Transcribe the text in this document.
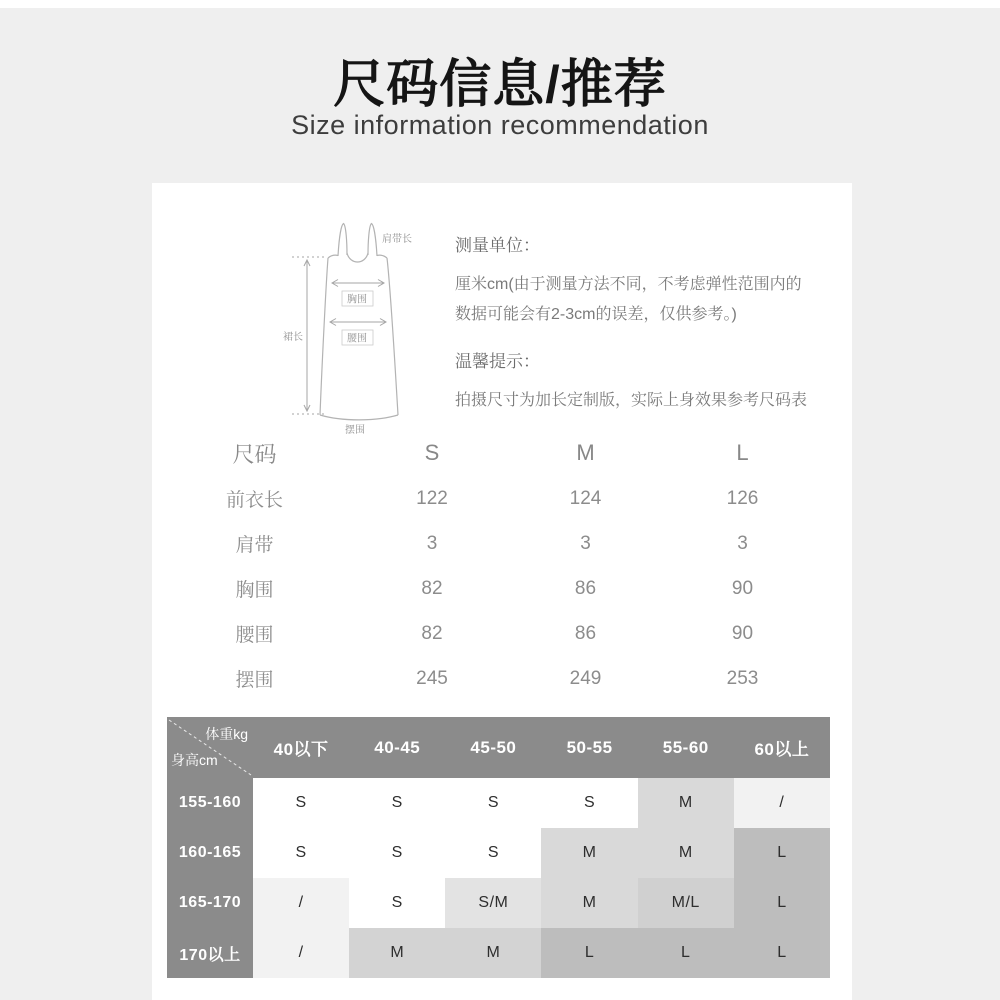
尺码信息/推荐
Size information recommendation
肩带长
胸围
腰围
裙长
摆围
测量单位：
厘米cm(由于测量方法不同，不考虑弹性范围内的
数据可能会有2-3cm的误差，仅供参考。)
温馨提示：
拍摄尺寸为加长定制版，实际上身效果参考尺码表
尺码	S	M	L
前衣长	122	124	126
肩带	3	3	3
胸围	82	86	90
腰围	82	86	90
摆围	245	249	253
体重kg
身高cm
40以下	40-45	45-50	50-55	55-60	60以上
155-160	S	S	S	S	M	/
160-165	S	S	S	M	M	L
165-170	/	S	S/M	M	M/L	L
170以上	/	M	M	L	L	L
